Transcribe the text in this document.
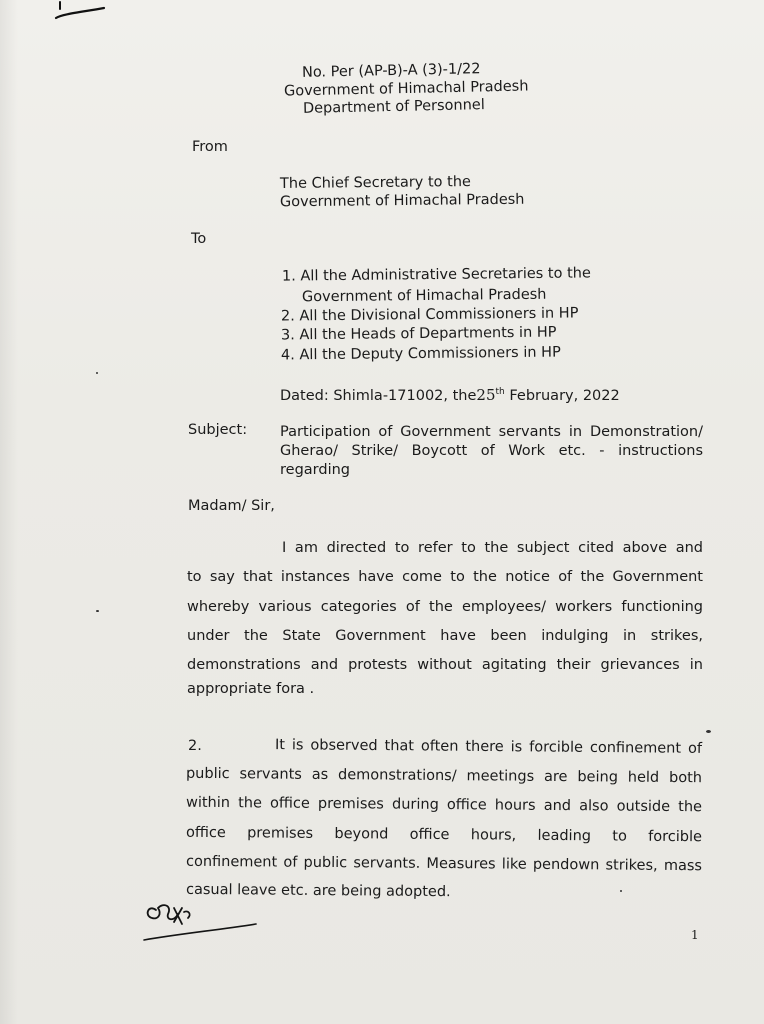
No. Per (AP-B)-A (3)-1/22
Government of Himachal Pradesh
Department of Personnel
From
The Chief Secretary to the
Government of Himachal Pradesh
To
1. All the Administrative Secretaries to the
Government of Himachal Pradesh
2. All the Divisional Commissioners in HP
3. All the Heads of Departments in HP
4. All the Deputy Commissioners in HP
Dated: Shimla-171002, the25th February, 2022
Subject: Participation of Government servants in Demonstration/
Gherao/ Strike/ Boycott of Work etc. - instructions
regarding
Madam/ Sir,
I am directed to refer to the subject cited above and
to say that instances have come to the notice of the Government
whereby various categories of the employees/ workers functioning
under the State Government have been indulging in strikes,
demonstrations and protests without agitating their grievances in
appropriate fora .
2.	It is observed that often there is forcible confinement of
public servants as demonstrations/ meetings are being held both
within the office premises during office hours and also outside the
office premises beyond office hours, leading to forcible
confinement of public servants. Measures like pendown strikes, mass
casual leave etc. are being adopted.
1
